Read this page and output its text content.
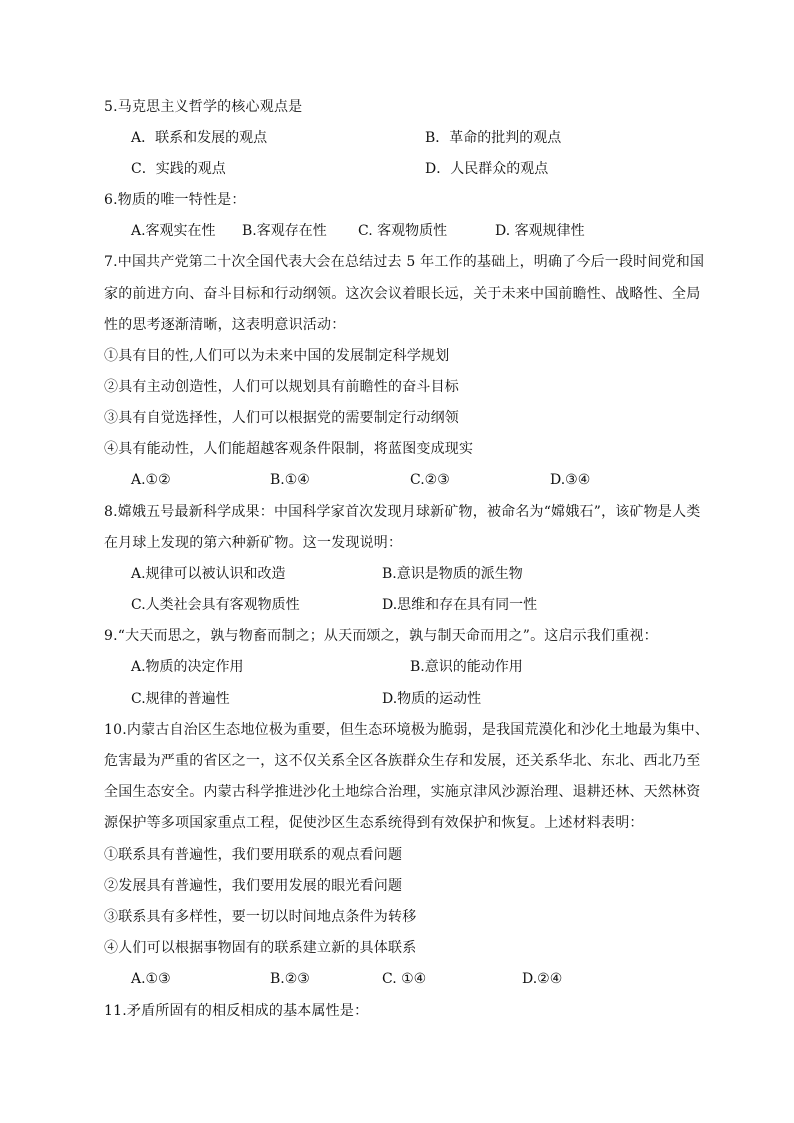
5.马克思主义哲学的核心观点是
A．联系和发展的观点	B．革命的批判的观点
C．实践的观点	D．人民群众的观点
6.物质的唯一特性是：
A.客观实在性 B.客观存在性 C. 客观物质性	D. 客观规律性
7.中国共产党第二十次全国代表大会在总结过去 5 年工作的基础上，明确了今后一段时间党和国
家的前进方向、奋斗目标和行动纲领。这次会议着眼长远，关于未来中国前瞻性、战略性、全局
性的思考逐渐清晰，这表明意识活动：
①具有目的性,人们可以为未来中国的发展制定科学规划
②具有主动创造性，人们可以规划具有前瞻性的奋斗目标
③具有自觉选择性，人们可以根据党的需要制定行动纲领
④具有能动性，人们能超越客观条件限制，将蓝图变成现实
A.①②	B.①④	C.②③	D.③④
8.嫦娥五号最新科学成果：中国科学家首次发现月球新矿物，被命名为“嫦娥石”，该矿物是人类
在月球上发现的第六种新矿物。这一发现说明：
A.规律可以被认识和改造	B.意识是物质的派生物
C.人类社会具有客观物质性	D.思维和存在具有同一性
9.“大天而思之，孰与物畜而制之；从天而颂之，孰与制天命而用之”。这启示我们重视：
A.物质的决定作用	B.意识的能动作用
C.规律的普遍性	D.物质的运动性
10.内蒙古自治区生态地位极为重要，但生态环境极为脆弱，是我国荒漠化和沙化土地最为集中、
危害最为严重的省区之一，这不仅关系全区各族群众生存和发展，还关系华北、东北、西北乃至
全国生态安全。内蒙古科学推进沙化土地综合治理，实施京津风沙源治理、退耕还林、天然林资
源保护等多项国家重点工程，促使沙区生态系统得到有效保护和恢复。上述材料表明：
①联系具有普遍性，我们要用联系的观点看问题
②发展具有普遍性，我们要用发展的眼光看问题
③联系具有多样性，要一切以时间地点条件为转移
④人们可以根据事物固有的联系建立新的具体联系
A.①③	B.②③	C. ①④	D.②④
11.矛盾所固有的相反相成的基本属性是：
